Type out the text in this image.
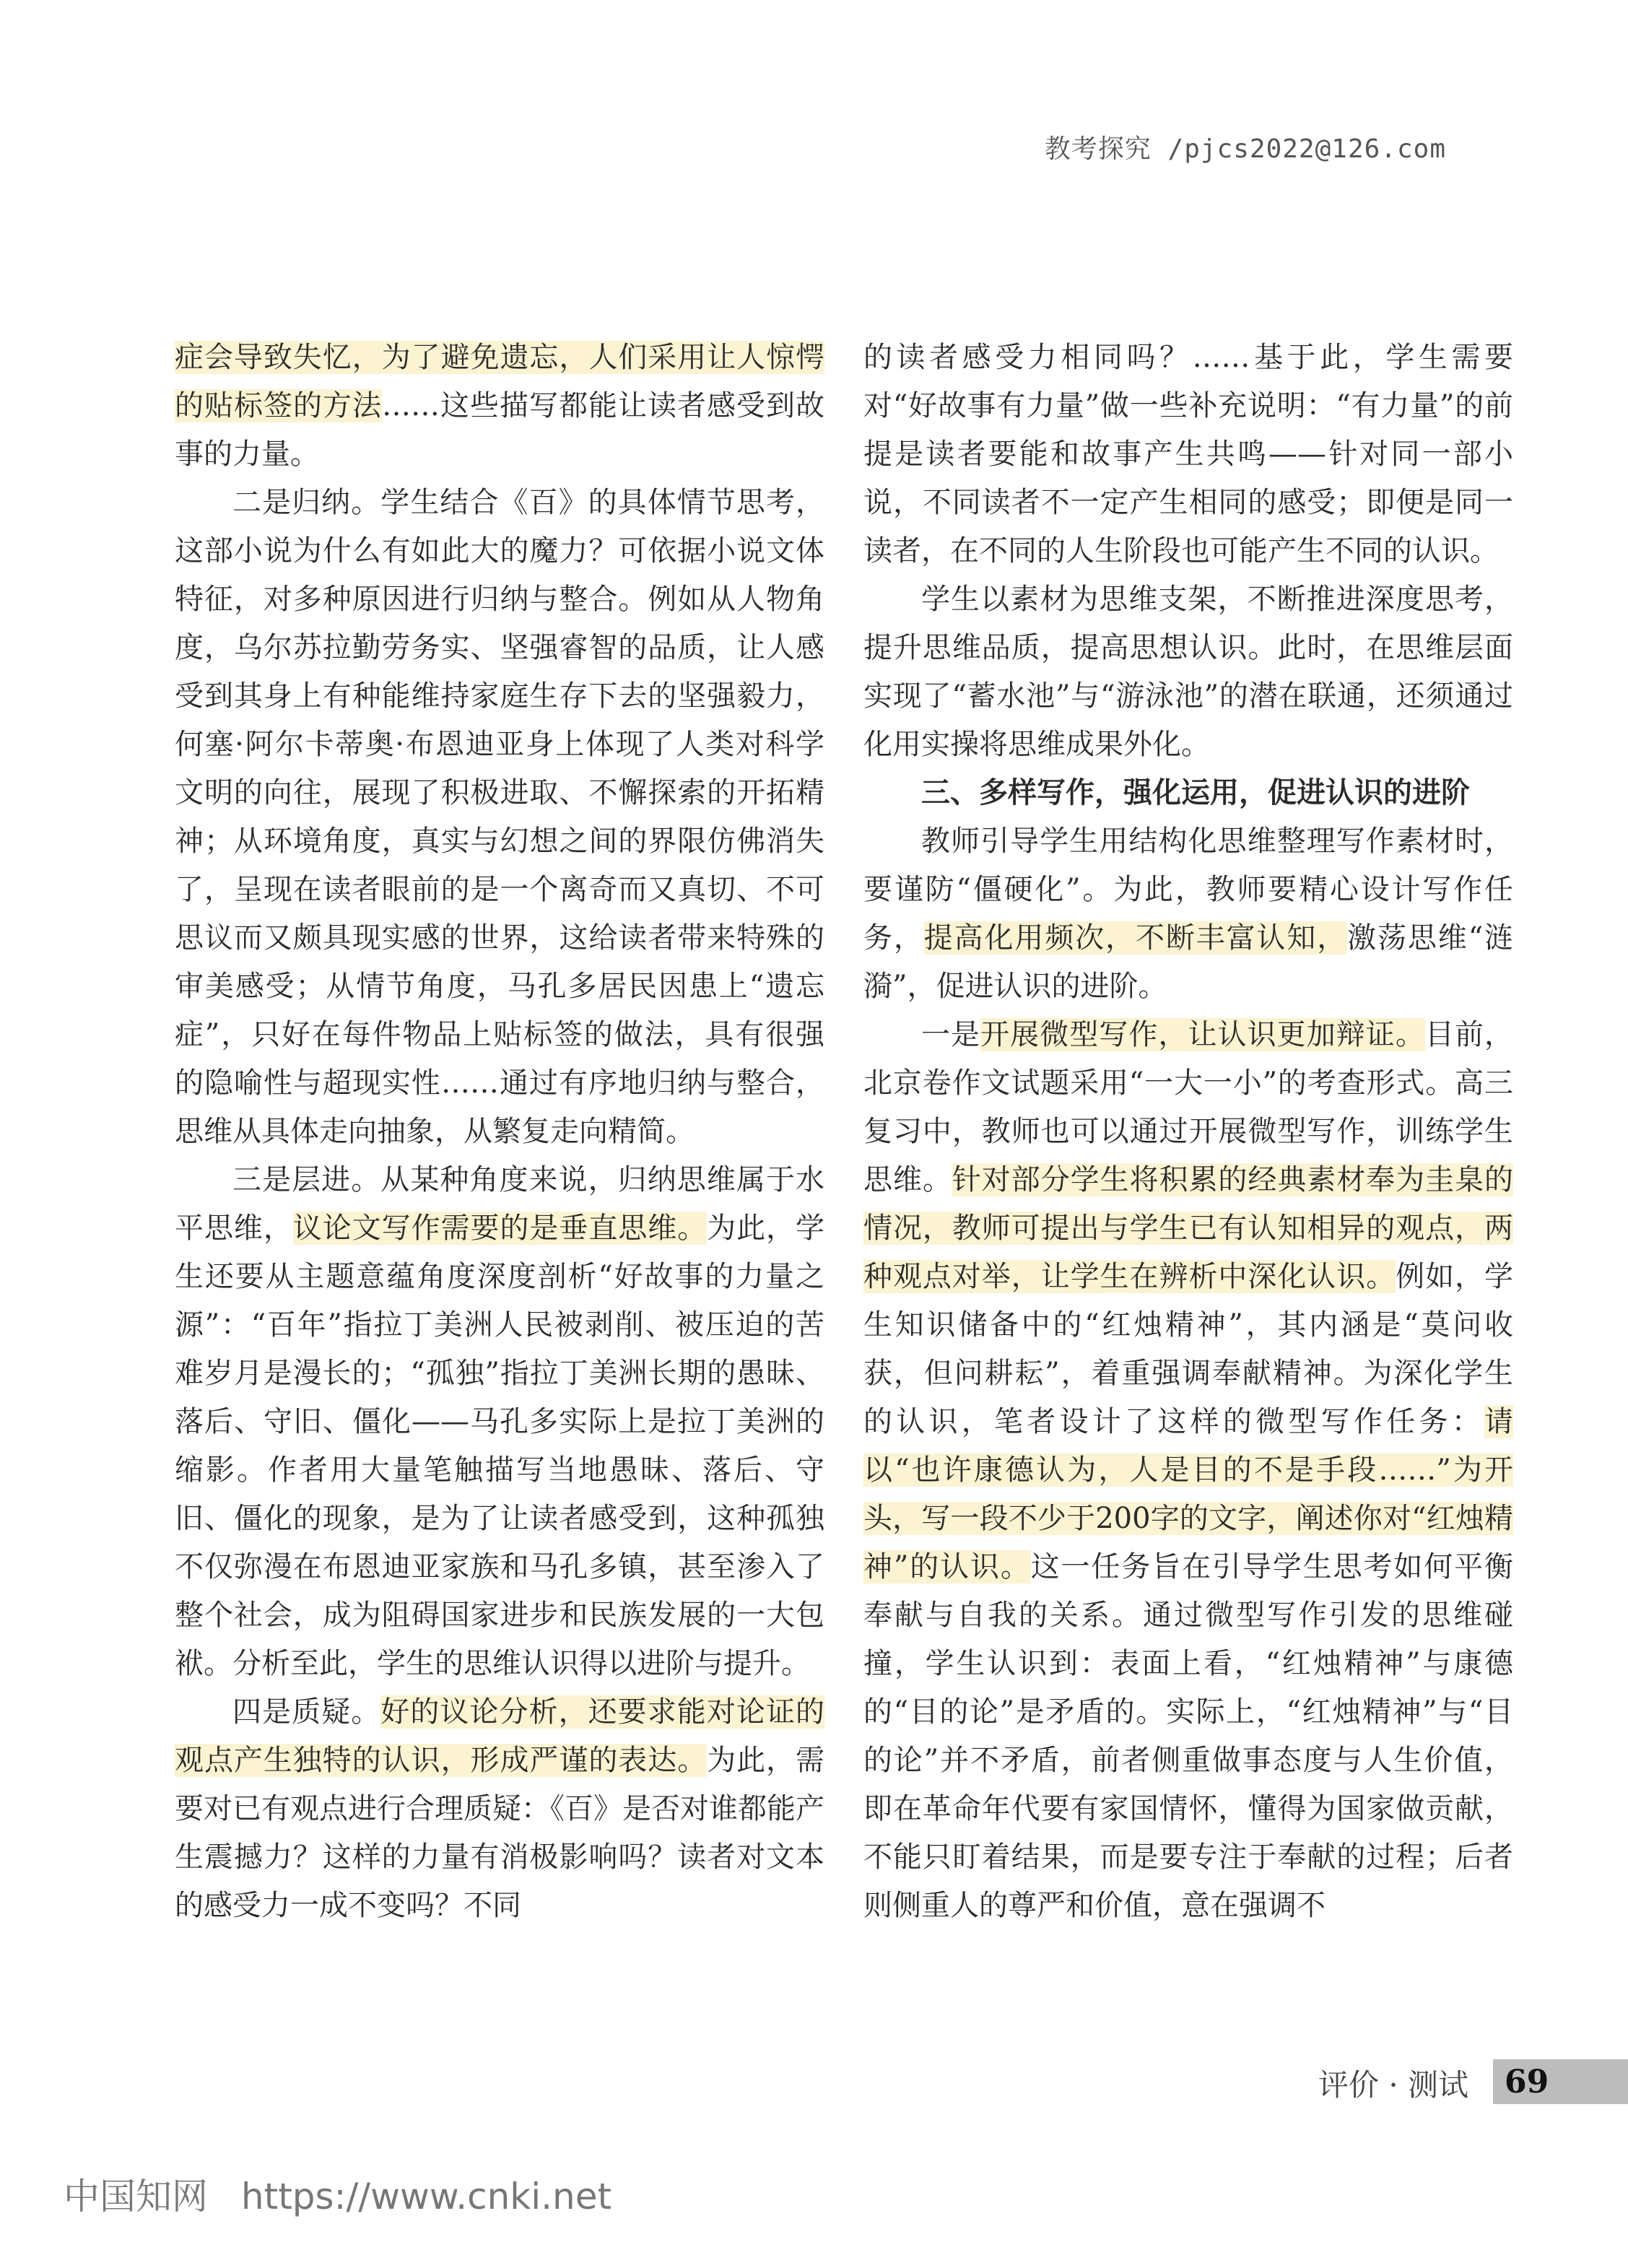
教考探究 /pjcs2022@126.com

症会导致失忆，为了避免遗忘，人们采用让人惊愕的贴标签的方法……这些描写都能让读者感受到故事的力量。

二是归纳。学生结合《百》的具体情节思考，这部小说为什么有如此大的魔力？可依据小说文体特征，对多种原因进行归纳与整合。例如从人物角度，乌尔苏拉勤劳务实、坚强睿智的品质，让人感受到其身上有种能维持家庭生存下去的坚强毅力，何塞·阿尔卡蒂奥·布恩迪亚身上体现了人类对科学文明的向往，展现了积极进取、不懈探索的开拓精神；从环境角度，真实与幻想之间的界限仿佛消失了，呈现在读者眼前的是一个离奇而又真切、不可思议而又颇具现实感的世界，这给读者带来特殊的审美感受；从情节角度，马孔多居民因患上“遗忘症”，只好在每件物品上贴标签的做法，具有很强的隐喻性与超现实性……通过有序地归纳与整合，思维从具体走向抽象，从繁复走向精简。

三是层进。从某种角度来说，归纳思维属于水平思维，议论文写作需要的是垂直思维。为此，学生还要从主题意蕴角度深度剖析“好故事的力量之源”：“百年”指拉丁美洲人民被剥削、被压迫的苦难岁月是漫长的；“孤独”指拉丁美洲长期的愚昧、落后、守旧、僵化——马孔多实际上是拉丁美洲的缩影。作者用大量笔触描写当地愚昧、落后、守旧、僵化的现象，是为了让读者感受到，这种孤独不仅弥漫在布恩迪亚家族和马孔多镇，甚至渗入了整个社会，成为阻碍国家进步和民族发展的一大包袱。分析至此，学生的思维认识得以进阶与提升。

四是质疑。好的议论分析，还要求能对论证的观点产生独特的认识，形成严谨的表达。为此，需要对已有观点进行合理质疑：《百》是否对谁都能产生震撼力？这样的力量有消极影响吗？读者对文本的感受力一成不变吗？不同

的读者感受力相同吗？……基于此，学生需要对“好故事有力量”做一些补充说明：“有力量”的前提是读者要能和故事产生共鸣——针对同一部小说，不同读者不一定产生相同的感受；即便是同一读者，在不同的人生阶段也可能产生不同的认识。

学生以素材为思维支架，不断推进深度思考，提升思维品质，提高思想认识。此时，在思维层面实现了“蓄水池”与“游泳池”的潜在联通，还须通过化用实操将思维成果外化。

三、多样写作，强化运用，促进认识的进阶

教师引导学生用结构化思维整理写作素材时，要谨防“僵硬化”。为此，教师要精心设计写作任务，提高化用频次，不断丰富认知，激荡思维“涟漪”，促进认识的进阶。

一是开展微型写作，让认识更加辩证。目前，北京卷作文试题采用“一大一小”的考查形式。高三复习中，教师也可以通过开展微型写作，训练学生思维。针对部分学生将积累的经典素材奉为圭臬的情况，教师可提出与学生已有认知相异的观点，两种观点对举，让学生在辨析中深化认识。例如，学生知识储备中的“红烛精神”，其内涵是“莫问收获，但问耕耘”，着重强调奉献精神。为深化学生的认识，笔者设计了这样的微型写作任务：请以“也许康德认为，人是目的不是手段……”为开头，写一段不少于200字的文字，阐述你对“红烛精神”的认识。这一任务旨在引导学生思考如何平衡奉献与自我的关系。通过微型写作引发的思维碰撞，学生认识到：表面上看，“红烛精神”与康德的“目的论”是矛盾的。实际上，“红烛精神”与“目的论”并不矛盾，前者侧重做事态度与人生价值，即在革命年代要有家国情怀，懂得为国家做贡献，不能只盯着结果，而是要专注于奉献的过程；后者则侧重人的尊严和价值，意在强调不

评价 · 测试 69
中国知网 https://www.cnki.net
